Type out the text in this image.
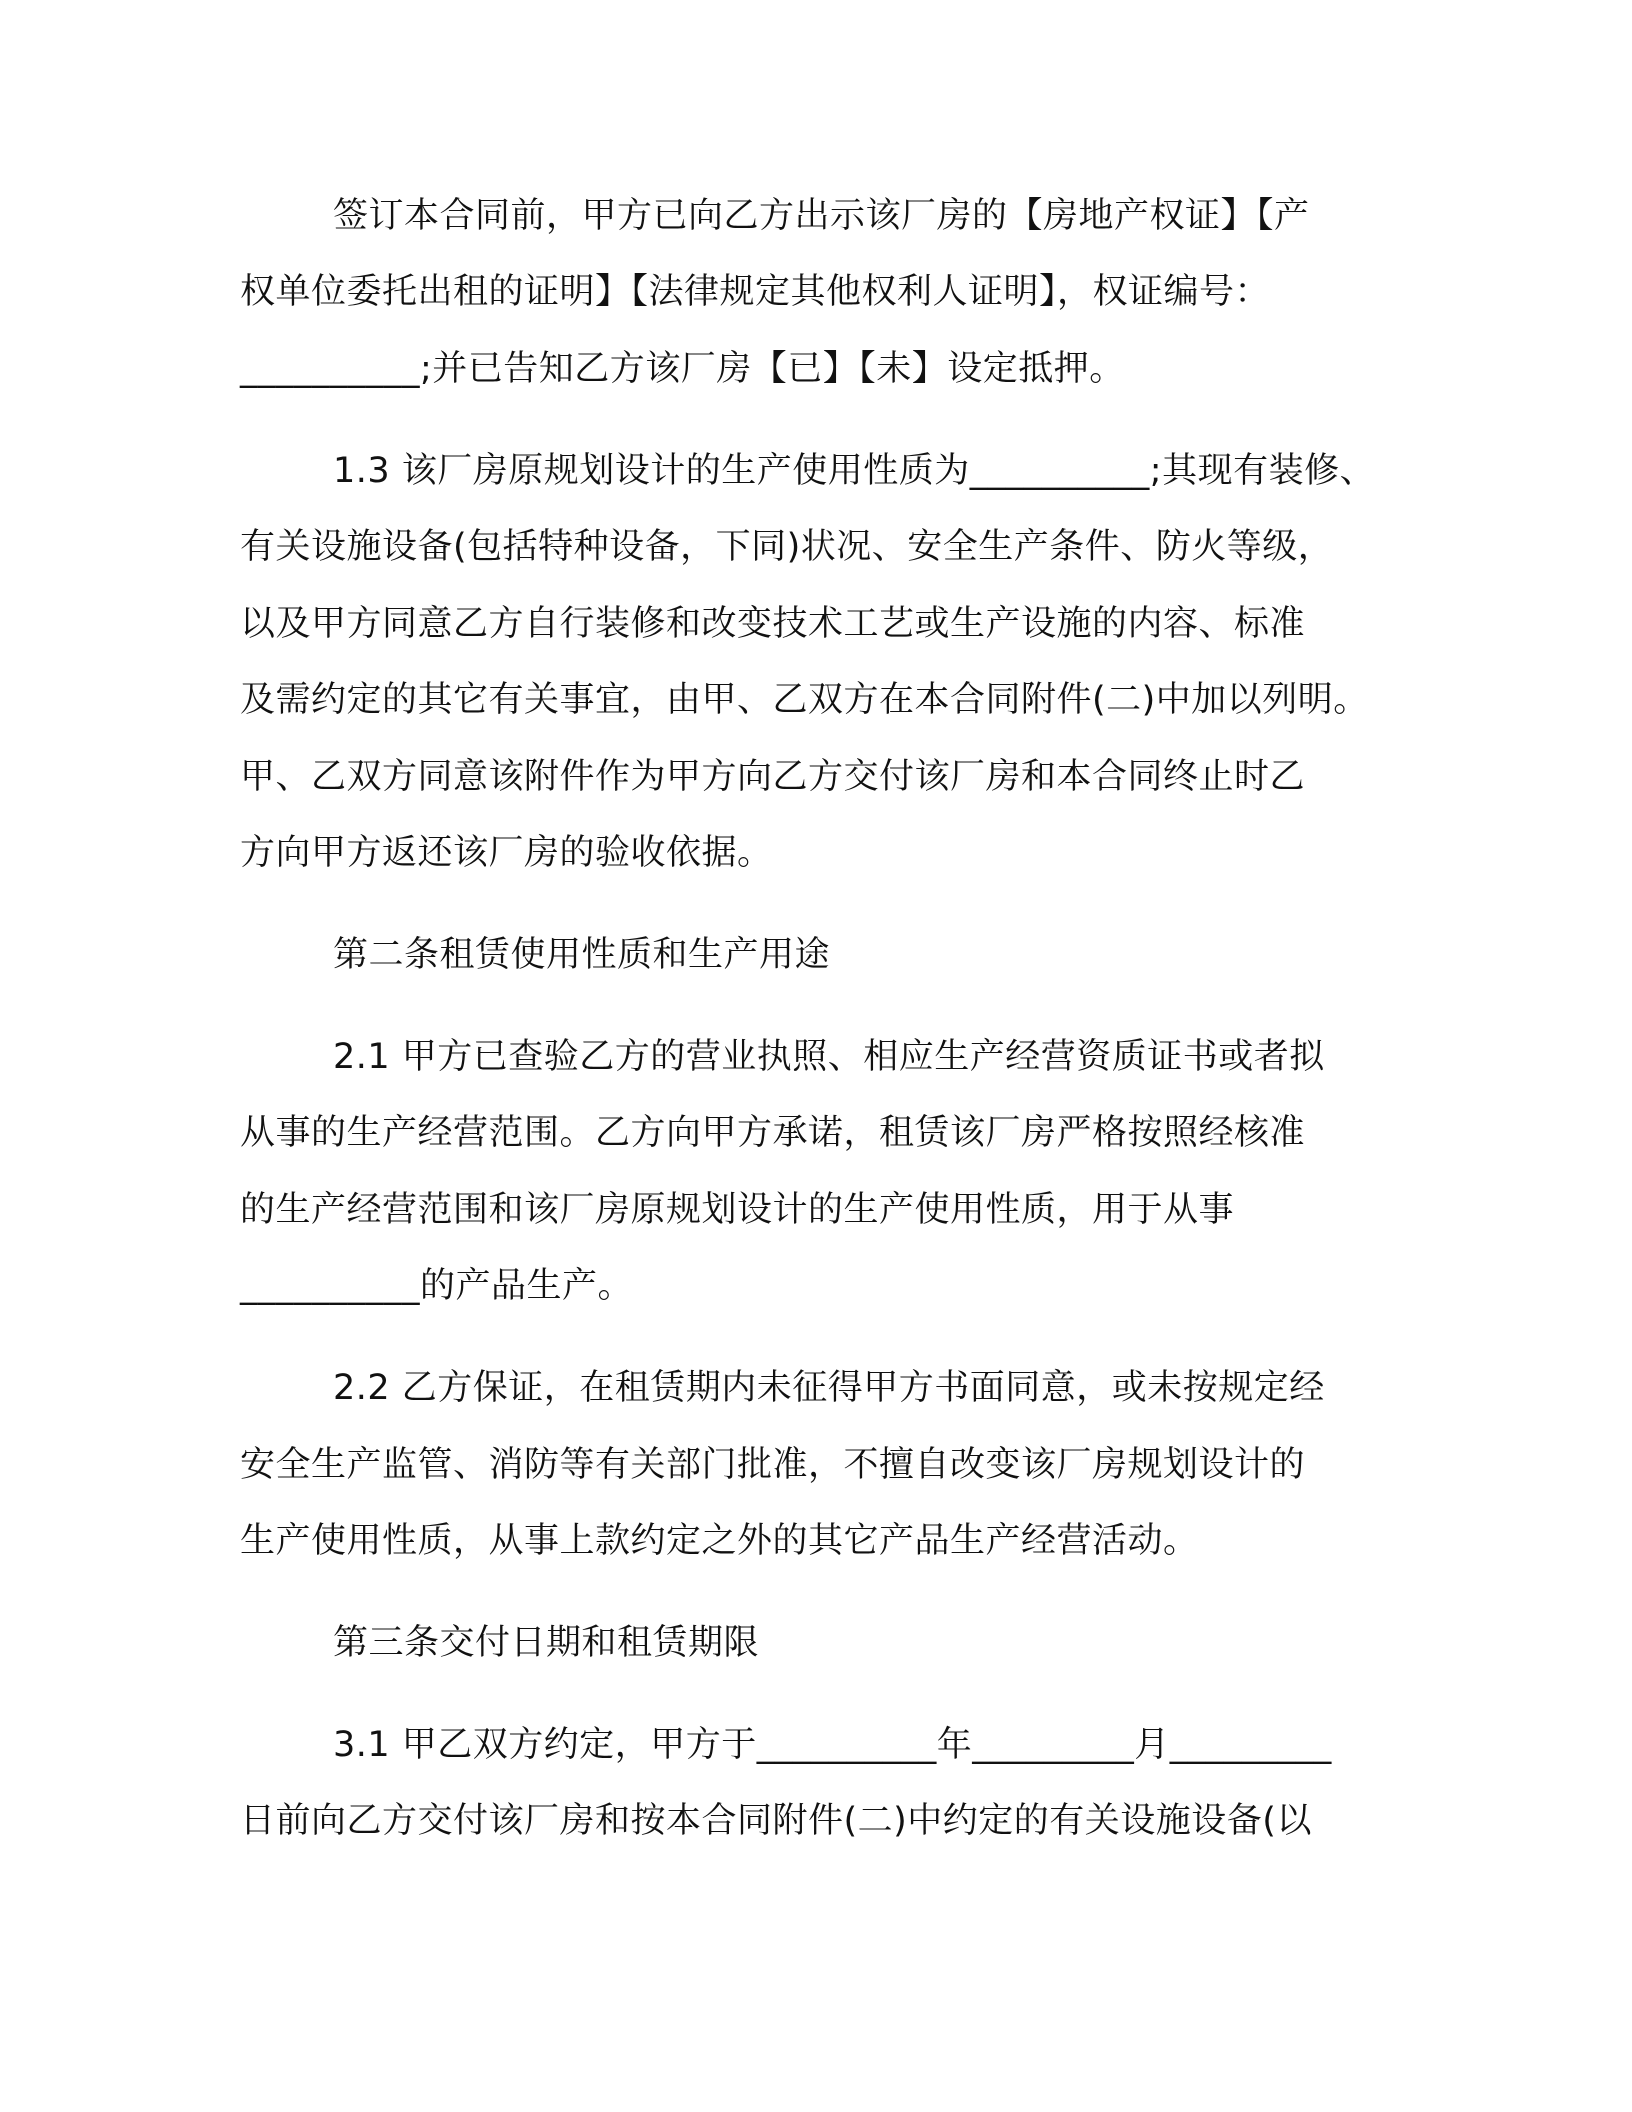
签订本合同前，甲方已向乙方出示该厂房的【房地产权证】【产
权单位委托出租的证明】【法律规定其他权利人证明】，权证编号：
__________;并已告知乙方该厂房【已】【未】设定抵押。
1.3 该厂房原规划设计的生产使用性质为__________;其现有装修、
有关设施设备(包括特种设备，下同)状况、安全生产条件、防火等级，
以及甲方同意乙方自行装修和改变技术工艺或生产设施的内容、标准
及需约定的其它有关事宜，由甲、乙双方在本合同附件(二)中加以列明。
甲、乙双方同意该附件作为甲方向乙方交付该厂房和本合同终止时乙
方向甲方返还该厂房的验收依据。
第二条租赁使用性质和生产用途
2.1 甲方已查验乙方的营业执照、相应生产经营资质证书或者拟
从事的生产经营范围。乙方向甲方承诺，租赁该厂房严格按照经核准
的生产经营范围和该厂房原规划设计的生产使用性质，用于从事
__________的产品生产。
2.2 乙方保证，在租赁期内未征得甲方书面同意，或未按规定经
安全生产监管、消防等有关部门批准，不擅自改变该厂房规划设计的
生产使用性质，从事上款约定之外的其它产品生产经营活动。
第三条交付日期和租赁期限
3.1 甲乙双方约定，甲方于__________年_________月_________
日前向乙方交付该厂房和按本合同附件(二)中约定的有关设施设备(以
